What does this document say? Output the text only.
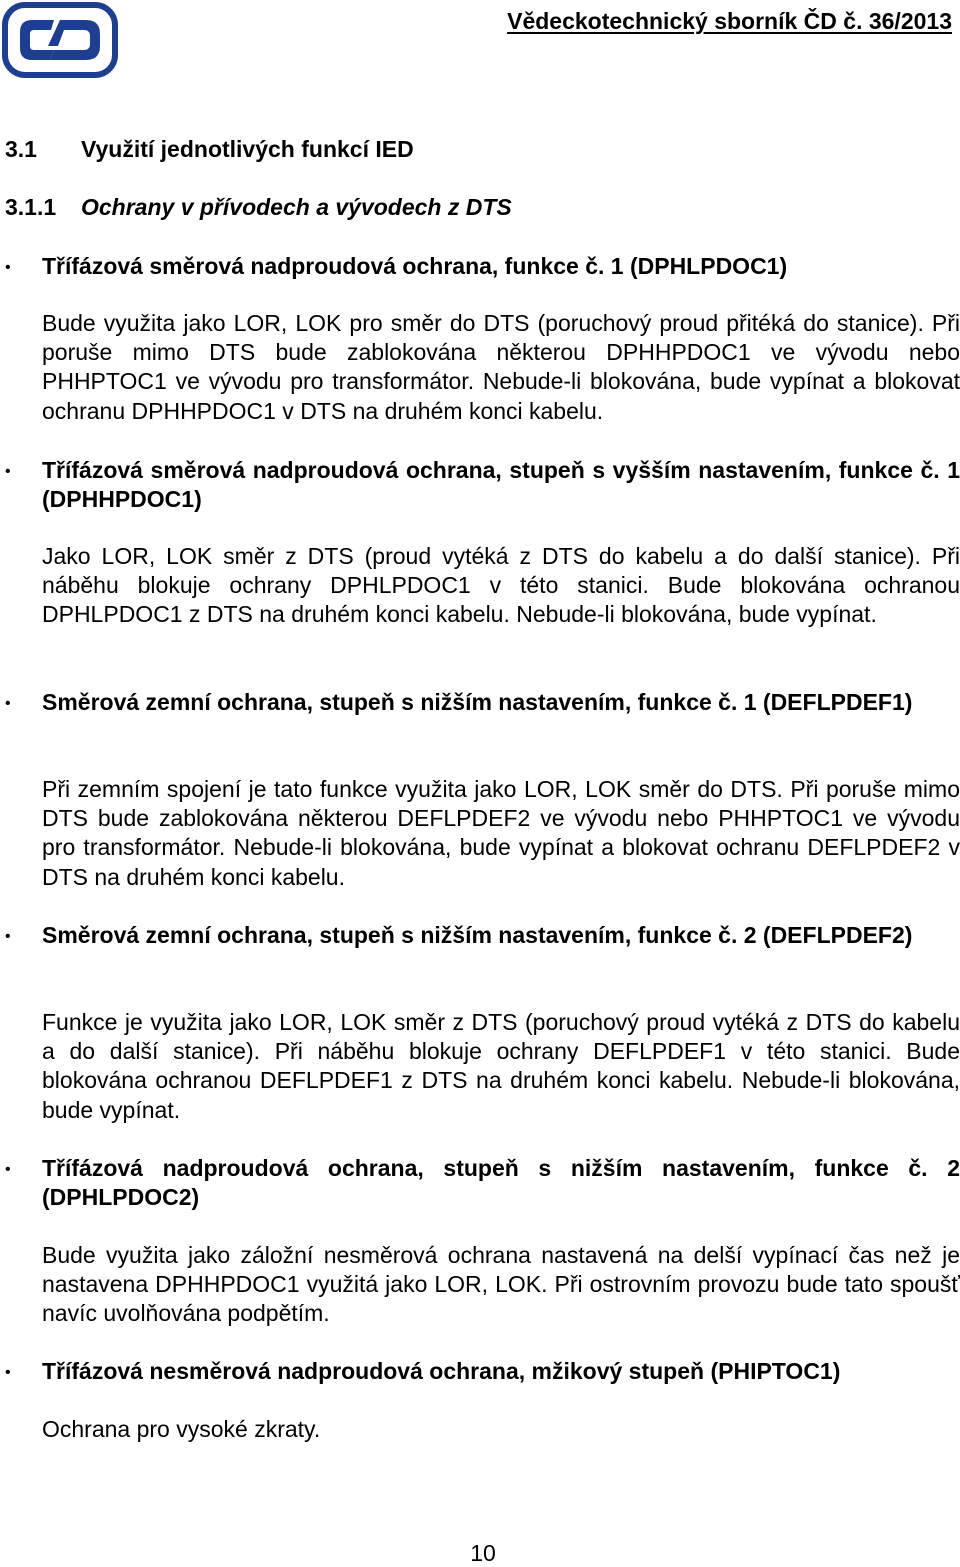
Vědeckotechnický sborník ČD č. 36/2013
3.1 Využití jednotlivých funkcí IED
3.1.1 Ochrany v přívodech a vývodech z DTS
• Třífázová směrová nadproudová ochrana, funkce č. 1 (DPHLPDOC1)
Bude využita jako LOR, LOK pro směr do DTS (poruchový proud přitéká do stanice). Při poruše mimo DTS bude zablokována některou DPHHPDOC1 ve vývodu nebo PHHPTOC1 ve vývodu pro transformátor. Nebude-li blokována, bude vypínat a blokovat ochranu DPHHPDOC1 v DTS na druhém konci kabelu.
• Třífázová směrová nadproudová ochrana, stupeň s vyšším nastavením, funkce č. 1 (DPHHPDOC1)
Jako LOR, LOK směr z DTS (proud vytéká z DTS do kabelu a do další stanice). Při náběhu blokuje ochrany DPHLPDOC1 v této stanici. Bude blokována ochranou DPHLPDOC1 z DTS na druhém konci kabelu. Nebude-li blokována, bude vypínat.
• Směrová zemní ochrana, stupeň s nižším nastavením, funkce č. 1 (DEFLPDEF1)
Při zemním spojení je tato funkce využita jako LOR, LOK směr do DTS. Při poruše mimo DTS bude zablokována některou DEFLPDEF2 ve vývodu nebo PHHPTOC1 ve vývodu pro transformátor. Nebude-li blokována, bude vypínat a blokovat ochranu DEFLPDEF2 v DTS na druhém konci kabelu.
• Směrová zemní ochrana, stupeň s nižším nastavením, funkce č. 2 (DEFLPDEF2)
Funkce je využita jako LOR, LOK směr z DTS (poruchový proud vytéká z DTS do kabelu a do další stanice). Při náběhu blokuje ochrany DEFLPDEF1 v této stanici. Bude blokována ochranou DEFLPDEF1 z DTS na druhém konci kabelu. Nebude-li blokována, bude vypínat.
• Třífázová nadproudová ochrana, stupeň s nižším nastavením, funkce č. 2 (DPHLPDOC2)
Bude využita jako záložní nesměrová ochrana nastavená na delší vypínací čas než je nastavena DPHHPDOC1 využitá jako LOR, LOK. Při ostrovním provozu bude tato spoušť navíc uvolňována podpětím.
• Třífázová nesměrová nadproudová ochrana, mžikový stupeň (PHIPTOC1)
Ochrana pro vysoké zkraty.
10
